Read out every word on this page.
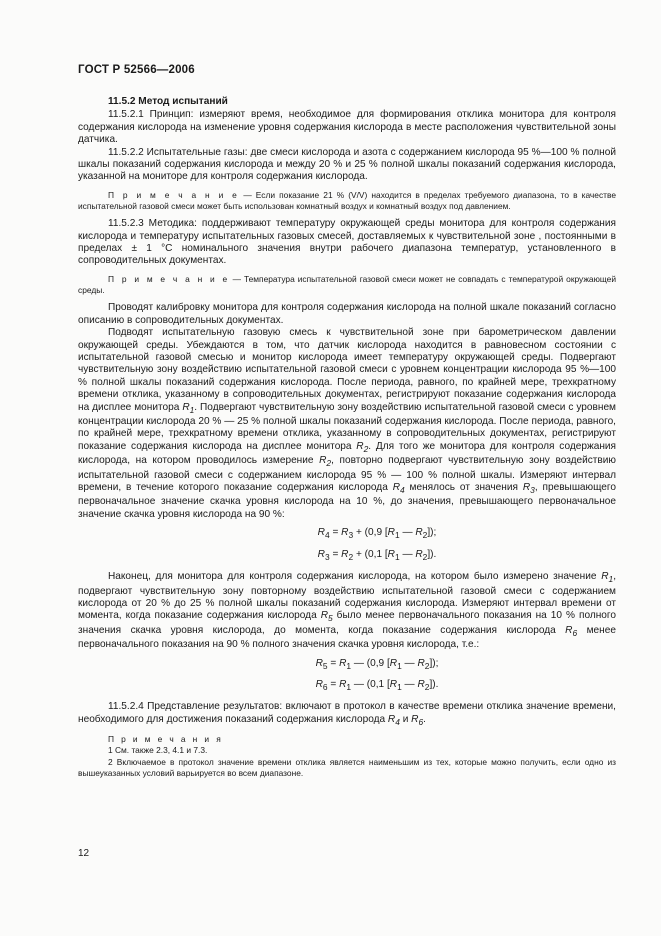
ГОСТ Р 52566—2006

11.5.2 Метод испытаний

11.5.2.1 Принцип: измеряют время, необходимое для формирования отклика монитора для контроля содержания кислорода на изменение уровня содержания кислорода в месте расположения чувствительной зоны датчика.

11.5.2.2 Испытательные газы: две смеси кислорода и азота с содержанием кислорода 95 %—100 % полной шкалы показаний содержания кислорода и между 20 % и 25 % полной шкалы показаний содержания кислорода, указанной на мониторе для контроля содержания кислорода.

П р и м е ч а н и е — Если показание 21 % (V/V) находится в пределах требуемого диапазона, то в качестве испытательной газовой смеси может быть использован комнатный воздух и комнатный воздух под давлением.

11.5.2.3 Методика: поддерживают температуру окружающей среды монитора для контроля содержания кислорода и температуру испытательных газовых смесей, доставляемых к чувствительной зоне , постоянными в пределах ± 1 °С номинального значения внутри рабочего диапазона температур, установленного в сопроводительных документах.

П р и м е ч а н и е — Температура испытательной газовой смеси может не совпадать с температурой окружающей среды.

Проводят калибровку монитора для контроля содержания кислорода на полной шкале показаний согласно описанию в сопроводительных документах.

Подводят испытательную газовую смесь к чувствительной зоне при барометрическом давлении окружающей среды. Убеждаются в том, что датчик кислорода находится в равновесном состоянии с испытательной газовой смесью и монитор кислорода имеет температуру окружающей среды. Подвергают чувствительную зону воздействию испытательной газовой смеси с уровнем концентрации кислорода 95 %—100 % полной шкалы показаний содержания кислорода. После периода, равного, по крайней мере, трехкратному времени отклика, указанному в сопроводительных документах, регистрируют показание содержания кислорода на дисплее монитора $R_1$. Подвергают чувствительную зону воздействию испытательной газовой смеси с уровнем концентрации кислорода 20 % — 25 % полной шкалы показаний содержания кислорода. После периода, равного, по крайней мере, трехкратному времени отклика, указанному в сопроводительных документах, регистрируют показание содержания кислорода на дисплее монитора $R_2$. Для того же монитора для контроля содержания кислорода, на котором проводилось измерение $R_2$, повторно подвергают чувствительную зону воздействию испытательной газовой смеси с содержанием кислорода 95 % — 100 % полной шкалы. Измеряют интервал времени, в течение которого показание содержания кислорода $R_4$ менялось от значения $R_3$, превышающего первоначальное значение скачка уровня кислорода на 10 %, до значения, превышающего первоначальное значение скачка уровня кислорода на 90 %:

$R_4 = R_3 + (0,9$ [$R_1$ — $R_2$]);

$R_3 = R_2 + (0,1$ [$R_1$ — $R_2$]).

Наконец, для монитора для контроля содержания кислорода, на котором было измерено значение $R_1$, подвергают чувствительную зону повторному воздействию испытательной газовой смеси с содержанием кислорода от 20 % до 25 % полной шкалы показаний содержания кислорода. Измеряют интервал времени от момента, когда показание содержания кислорода $R_5$ было менее первоначального показания на 10 % полного значения скачка уровня кислорода, до момента, когда показание содержания кислорода $R_6$ менее первоначального показания на 90 % полного значения скачка уровня кислорода, т.е.:

$R_5 = R_1$ — (0,9 [$R_1$ — $R_2$]);

$R_6 = R_1$ — (0,1 [$R_1$ — $R_2$]).

11.5.2.4 Представление результатов: включают в протокол в качестве времени отклика значение времени, необходимого для достижения показаний содержания кислорода $R_4$ и $R_6$.

П р и м е ч а н и я

1 См. также 2.3, 4.1 и 7.3.

2 Включаемое в протокол значение времени отклика является наименьшим из тех, которые можно получить, если одно из вышеуказанных условий варьируется во всем диапазоне.

12
